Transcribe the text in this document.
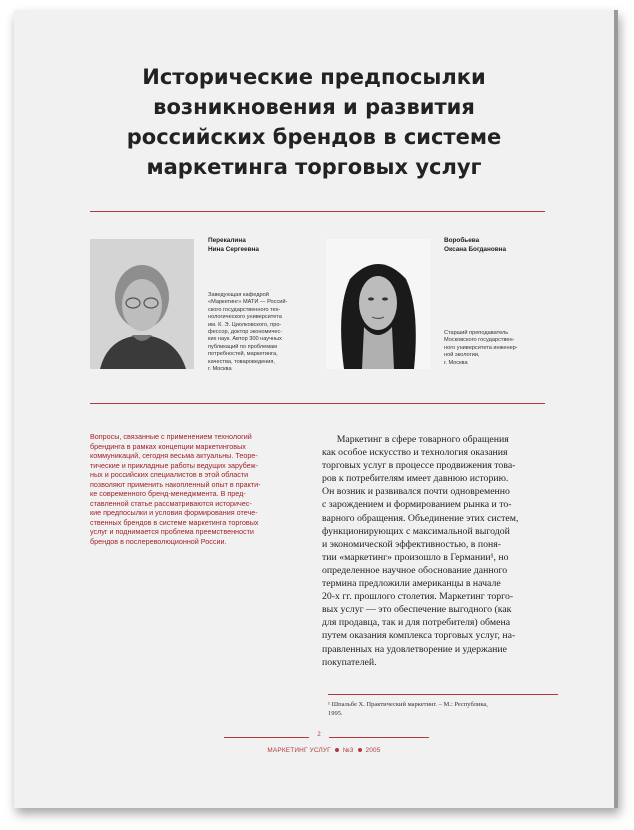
Исторические предпосылки
возникновения и развития
российских брендов в системе
маркетинга торговых услуг
Перекалина
Нина Сергеевна
Заведующая кафедрой
«Маркетинг» МАТИ — Россий-
ского государственного тех-
нологического университета
им. К. Э. Циолковского, про-
фессор, доктор экономичес-
ких наук. Автор 300 научных
публикаций по проблемам
потребностей, маркетинга,
качества, товароведения,
г. Москва
Воробьева
Оксана Богдановна
Старший преподаватель
Московского государствен-
ного университета инженер-
ной экологии,
г. Москва
Вопросы, связанные с применением технологий
брендинга в рамках концепции маркетинговых
коммуникаций, сегодня весьма актуальны. Теоре-
тические и прикладные работы ведущих зарубеж-
ных и российских специалистов в этой области
позволяют применить накопленный опыт в практи-
ке современного бренд-менеджмента. В пред-
ставленной статье рассматриваются историчес-
кие предпосылки и условия формирования отече-
ственных брендов в системе маркетинга торговых
услуг и поднимается проблема преемственности
брендов в послереволюционной России.
Маркетинг в сфере товарного обращения
как особое искусство и технология оказания
торговых услуг в процессе продвижения това-
ров к потребителям имеет давнюю историю.
Он возник и развивался почти одновременно
с зарождением и формированием рынка и то-
варного обращения. Объединение этих систем,
функционирующих с максимальной выгодой
и экономической эффективностью, в поня-
тии «маркетинг» произошло в Германии¹, но
определенное научное обоснование данного
термина предложили американцы в начале
20-х гг. прошлого столетия. Маркетинг торго-
вых услуг — это обеспечение выгодного (как
для продавца, так и для потребителя) обмена
путем оказания комплекса торговых услуг, на-
правленных на удовлетворение и удержание
покупателей.
¹ Шпальбе Х. Практический маркетинг. – М.: Республика,
1995.
2
МАРКЕТИНГ УСЛУГ №3 2005
